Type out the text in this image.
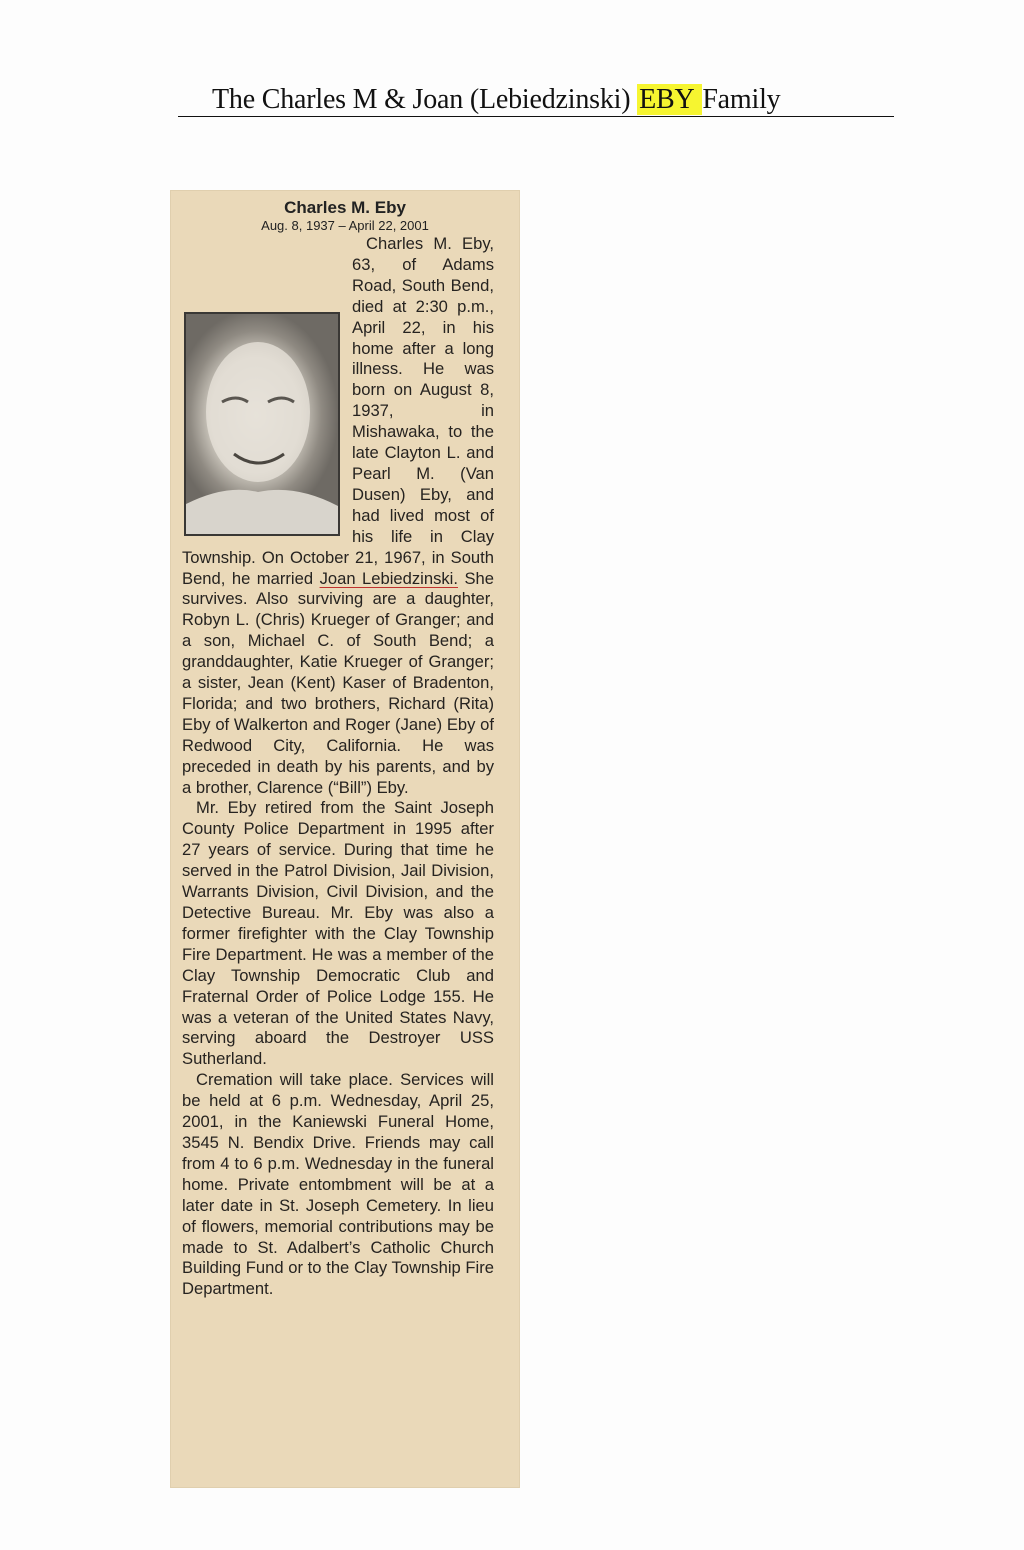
The Charles M & Joan (Lebiedzinski) EBY Family
Charles M. Eby
Aug. 8, 1937 – April 22, 2001

Charles M. Eby, 63, of Adams Road, South Bend, died at 2:30 p.m., April 22, in his home after a long illness. He was born on August 8, 1937, in Mishawaka, to the late Clayton L. and Pearl M. (Van Dusen) Eby, and had lived most of his life in Clay Township. On October 21, 1967, in South Bend, he married Joan Lebiedzinski. She survives. Also surviving are a daughter, Robyn L. (Chris) Krueger of Granger; and a son, Michael C. of South Bend; a granddaughter, Katie Krueger of Granger; a sister, Jean (Kent) Kaser of Bradenton, Florida; and two brothers, Richard (Rita) Eby of Walkerton and Roger (Jane) Eby of Redwood City, California. He was preceded in death by his parents, and by a brother, Clarence (“Bill”) Eby.

Mr. Eby retired from the Saint Joseph County Police Department in 1995 after 27 years of service. During that time he served in the Patrol Division, Jail Division, Warrants Division, Civil Division, and the Detective Bureau. Mr. Eby was also a former firefighter with the Clay Township Fire Department. He was a member of the Clay Township Democratic Club and Fraternal Order of Police Lodge 155. He was a veteran of the United States Navy, serving aboard the Destroyer USS Sutherland.

Cremation will take place. Services will be held at 6 p.m. Wednesday, April 25, 2001, in the Kaniewski Funeral Home, 3545 N. Bendix Drive. Friends may call from 4 to 6 p.m. Wednesday in the funeral home. Private entombment will be at a later date in St. Joseph Cemetery. In lieu of flowers, memorial contributions may be made to St. Adalbert’s Catholic Church Building Fund or to the Clay Township Fire Department.
